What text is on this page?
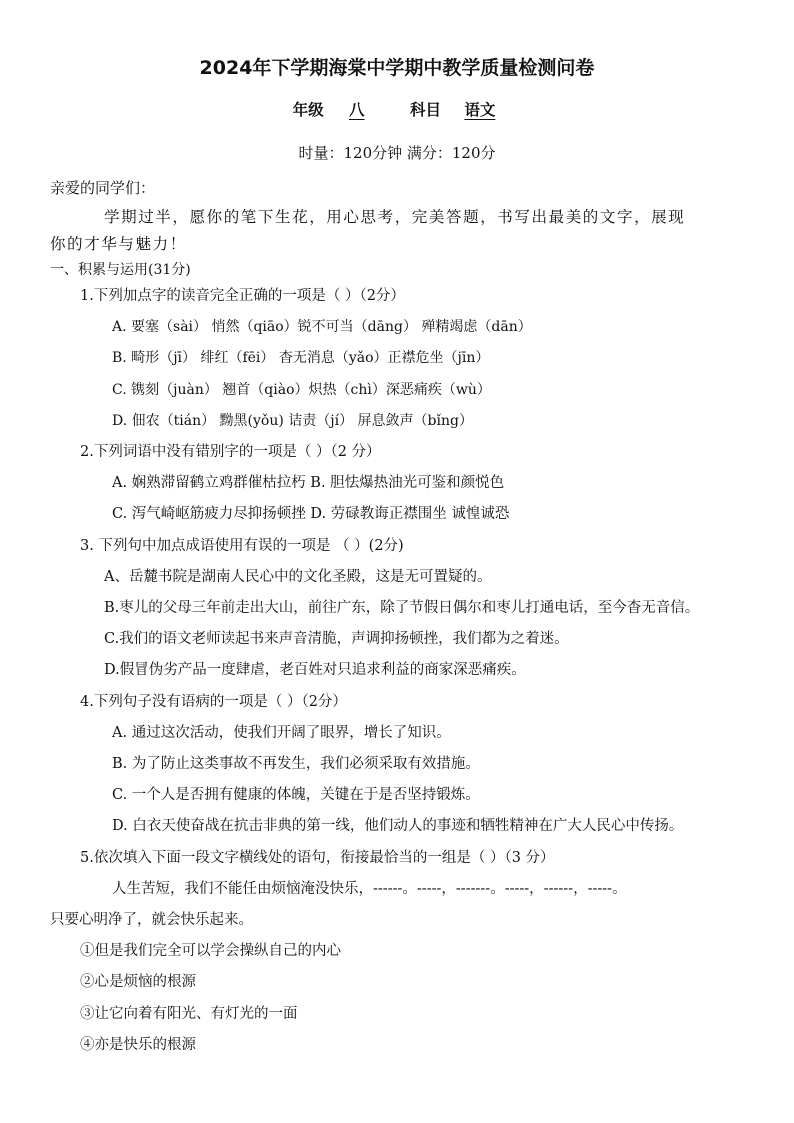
2024年下学期海棠中学期中教学质量检测问卷
年级 八	科目 语文
时量：120分钟 满分：120分
亲爱的同学们：
学期过半，愿你的笔下生花，用心思考，完美答题，书写出最美的文字，展现
你的才华与魅力！
一、积累与运用(31分)
1.下列加点字的读音完全正确的一项是（ ）（2分）
A. 要塞（sài） 悄然（qiāo）锐不可当（dāng） 殚精竭虑（dān）
B. 畸形（jī） 绯红（fēi） 杳无消息（yǎo）正襟危坐（jīn）
C. 镌刻（juàn） 翘首（qiào）炽热（chì）深恶痛疾（wù）
D. 佃农（tián） 黝黑(yǒu) 诘责（jí） 屏息敛声（bǐng）
2.下列词语中没有错别字的一项是（ ）（2 分）
A. 娴熟滞留鹤立鸡群催枯拉朽 B. 胆怯爆热油光可鉴和颜悦色
C. 泻气崎岖筋疲力尽抑扬顿挫 D. 劳碌教诲正襟围坐 诚惶诚恐
3. 下列句中加点成语使用有误的一项是 （ ）(2分)
A、岳麓书院是湖南人民心中的文化圣殿，这是无可置疑的。
B.枣儿的父母三年前走出大山，前往广东，除了节假日偶尔和枣儿打通电话，至今杳无音信。
C.我们的语文老师读起书来声音清脆，声调抑扬顿挫，我们都为之着迷。
D.假冒伪劣产品一度肆虐，老百姓对只追求利益的商家深恶痛疾。
4.下列句子没有语病的一项是（ ）（2分）
A. 通过这次活动，使我们开阔了眼界，增长了知识。
B. 为了防止这类事故不再发生，我们必须采取有效措施。
C. 一个人是否拥有健康的体魄，关键在于是否坚持锻炼。
D. 白衣天使奋战在抗击非典的第一线，他们动人的事迹和牺牲精神在广大人民心中传扬。
5.依次填入下面一段文字横线处的语句，衔接最恰当的一组是（ ）（3 分）
人生苦短，我们不能任由烦恼淹没快乐，------。-----，-------。-----，------，-----。
只要心明净了，就会快乐起来。
①但是我们完全可以学会操纵自己的内心
②心是烦恼的根源
③让它向着有阳光、有灯光的一面
④亦是快乐的根源
